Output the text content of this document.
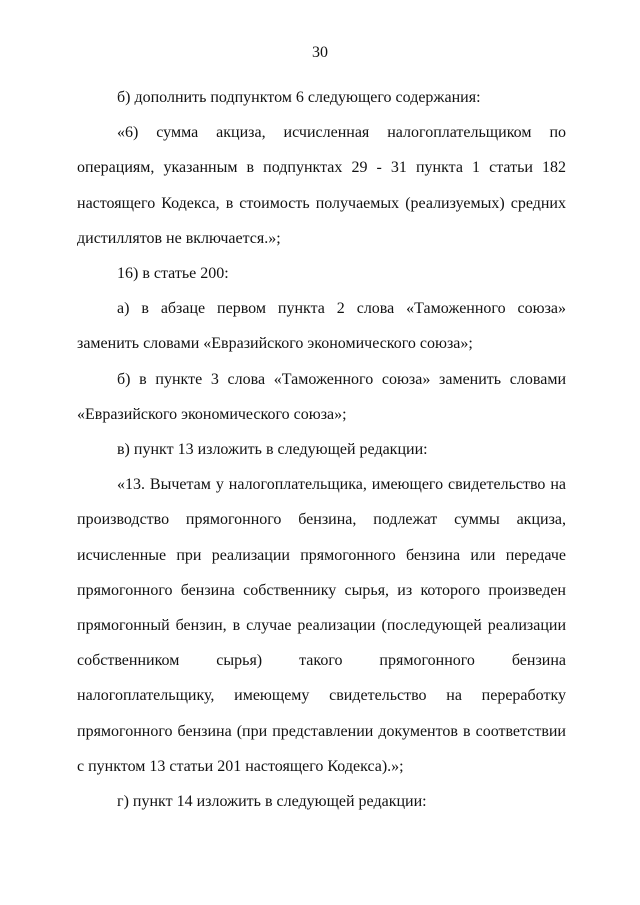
30

б) дополнить подпунктом 6 следующего содержания:

«6) сумма акциза, исчисленная налогоплательщиком по операциям, указанным в подпунктах 29 - 31 пункта 1 статьи 182 настоящего Кодекса, в стоимость получаемых (реализуемых) средних дистиллятов не включается.»;

16) в статье 200:

а) в абзаце первом пункта 2 слова «Таможенного союза» заменить словами «Евразийского экономического союза»;

б) в пункте 3 слова «Таможенного союза» заменить словами «Евразийского экономического союза»;

в) пункт 13 изложить в следующей редакции:

«13. Вычетам у налогоплательщика, имеющего свидетельство на производство прямогонного бензина, подлежат суммы акциза, исчисленные при реализации прямогонного бензина или передаче прямогонного бензина собственнику сырья, из которого произведен прямогонный бензин, в случае реализации (последующей реализации собственником сырья) такого прямогонного бензина налогоплательщику, имеющему свидетельство на переработку прямогонного бензина (при представлении документов в соответствии с пунктом 13 статьи 201 настоящего Кодекса).»;

г) пункт 14 изложить в следующей редакции:
